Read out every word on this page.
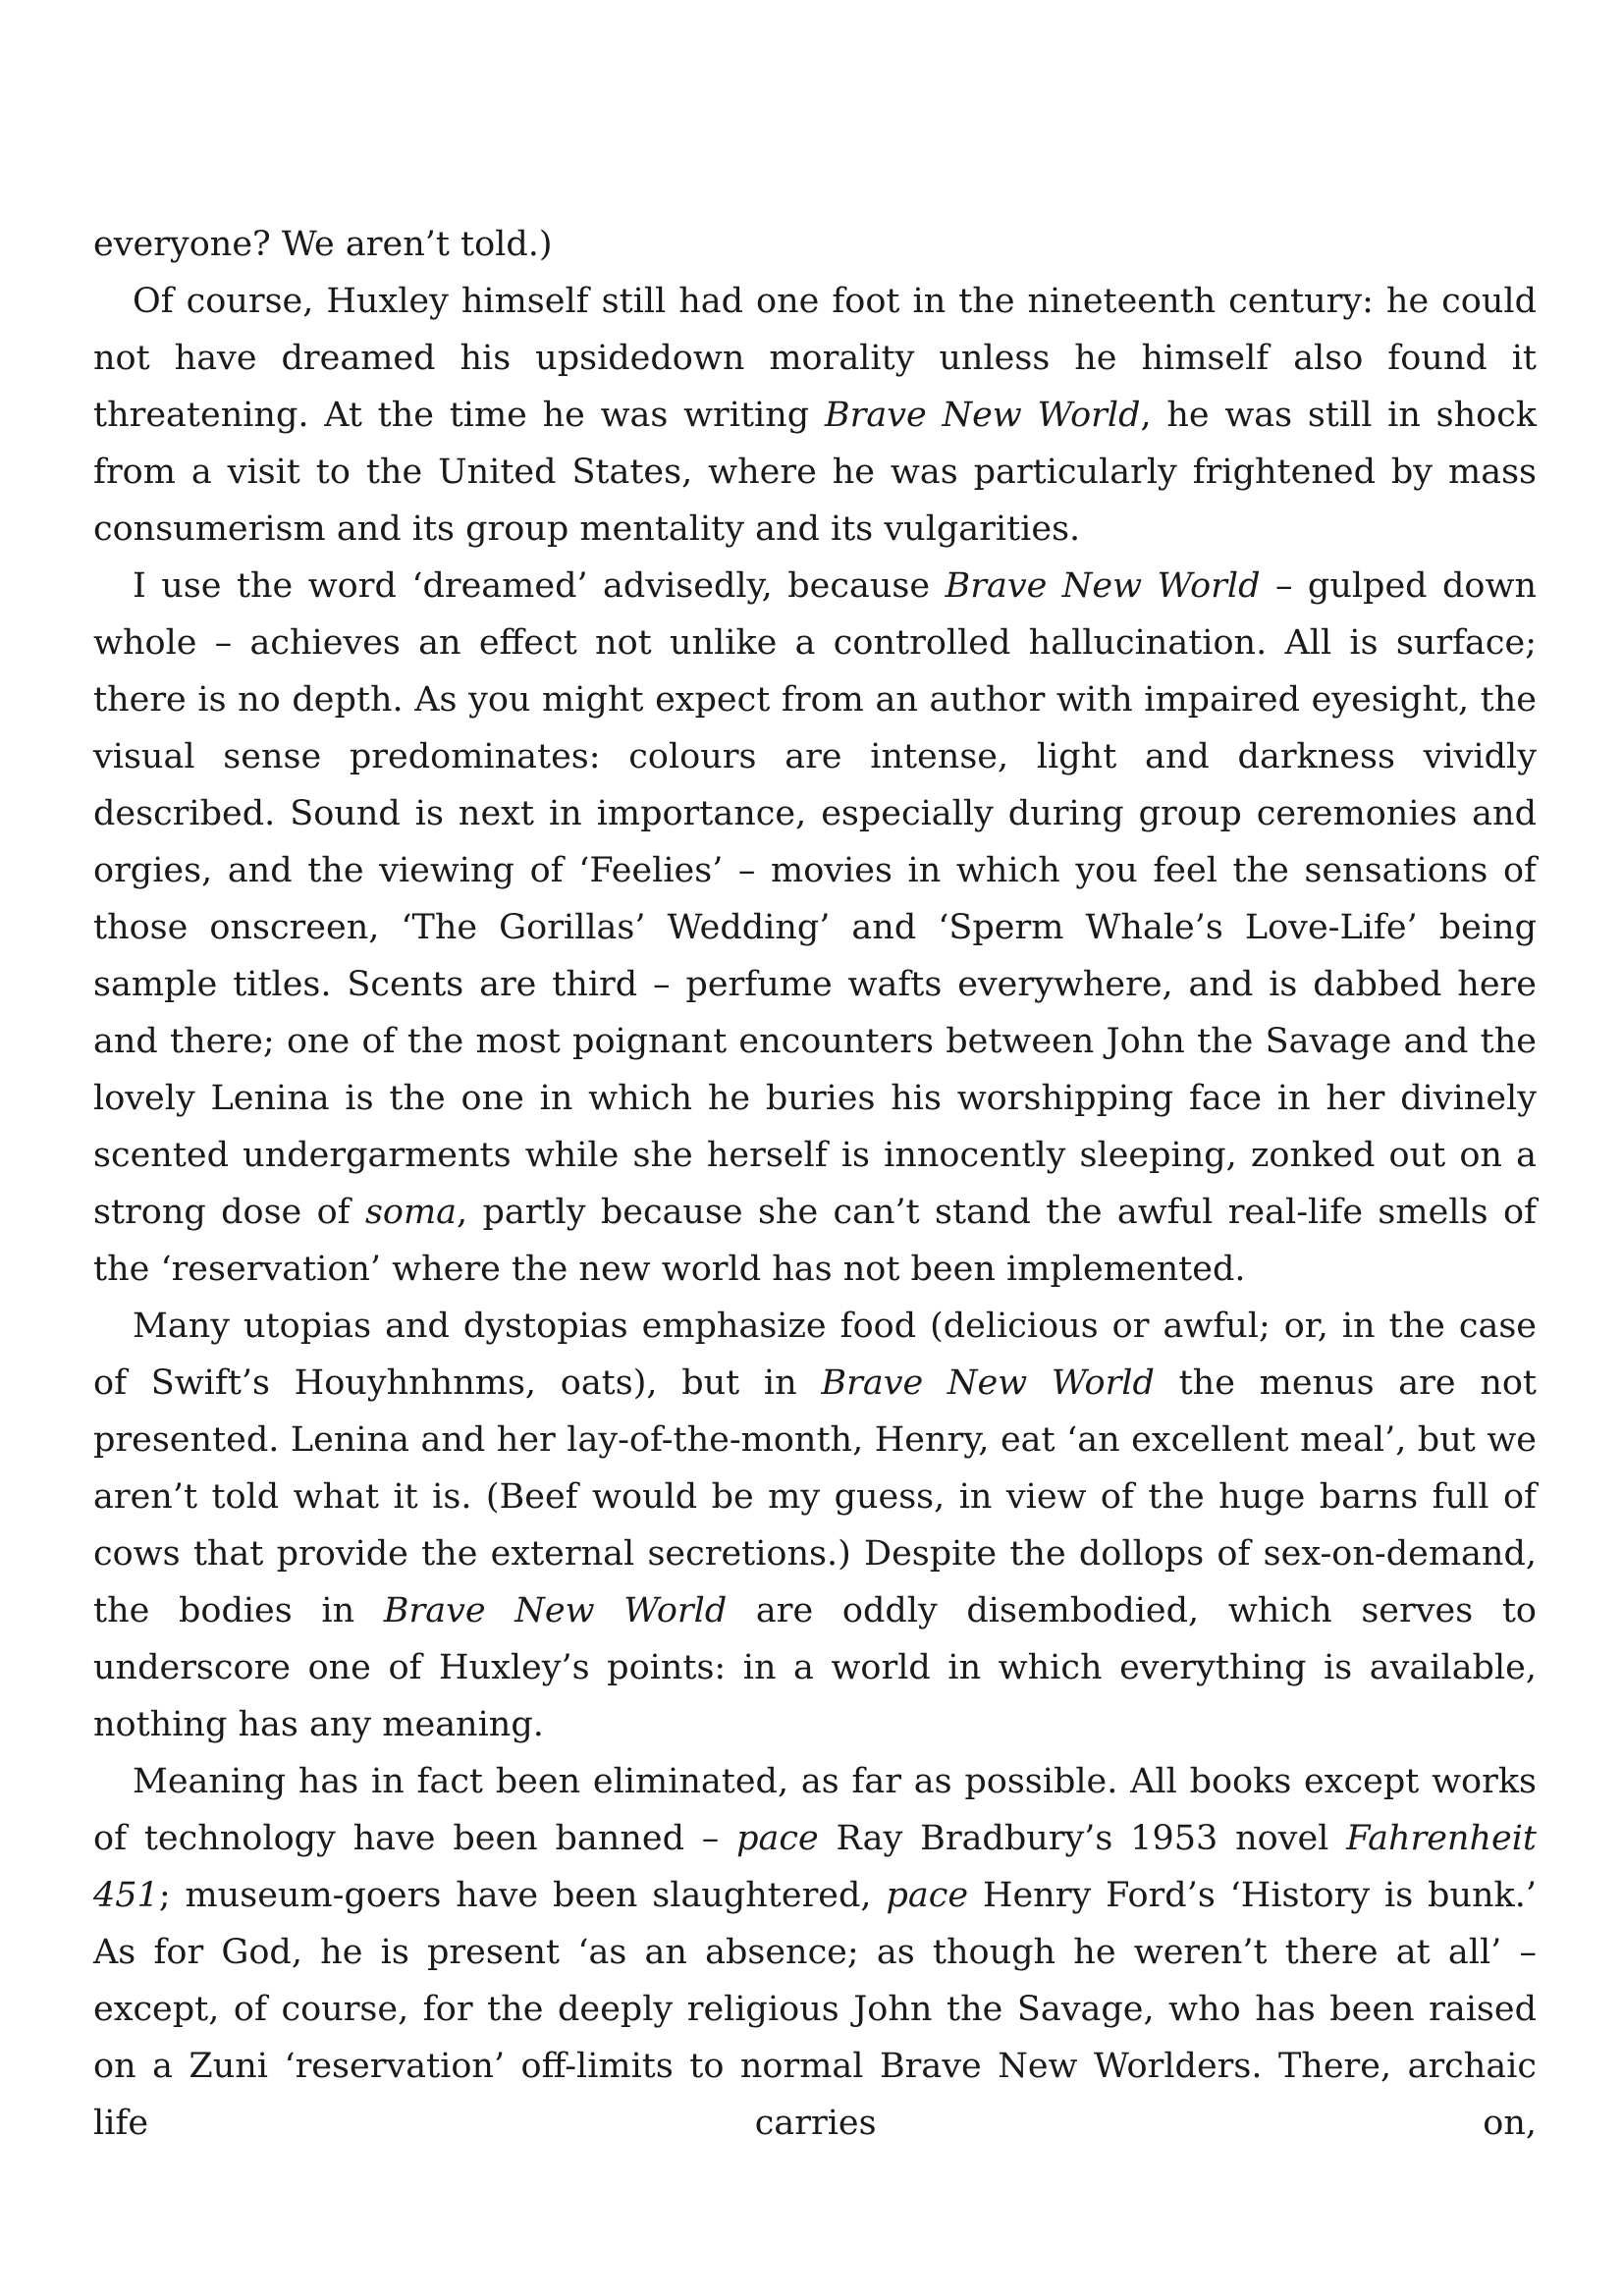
everyone? We aren’t told.)

Of course, Huxley himself still had one foot in the nineteenth century: he could not have dreamed his upsidedown morality unless he himself also found it threatening. At the time he was writing Brave New World, he was still in shock from a visit to the United States, where he was particularly frightened by mass consumerism and its group mentality and its vulgarities.

I use the word ‘dreamed’ advisedly, because Brave New World – gulped down whole – achieves an effect not unlike a controlled hallucination. All is surface; there is no depth. As you might expect from an author with impaired eyesight, the visual sense predominates: colours are intense, light and darkness vividly described. Sound is next in importance, especially during group ceremonies and orgies, and the viewing of ‘Feelies’ – movies in which you feel the sensations of those onscreen, ‘The Gorillas’ Wedding’ and ‘Sperm Whale’s Love-Life’ being sample titles. Scents are third – perfume wafts everywhere, and is dabbed here and there; one of the most poignant encounters between John the Savage and the lovely Lenina is the one in which he buries his worshipping face in her divinely scented undergarments while she herself is innocently sleeping, zonked out on a strong dose of soma, partly because she can’t stand the awful real-life smells of the ‘reservation’ where the new world has not been implemented.

Many utopias and dystopias emphasize food (delicious or awful; or, in the case of Swift’s Houyhnhnms, oats), but in Brave New World the menus are not presented. Lenina and her lay-of-the-month, Henry, eat ‘an excellent meal’, but we aren’t told what it is. (Beef would be my guess, in view of the huge barns full of cows that provide the external secretions.) Despite the dollops of sex-on-demand, the bodies in Brave New World are oddly disembodied, which serves to underscore one of Huxley’s points: in a world in which everything is available, nothing has any meaning.

Meaning has in fact been eliminated, as far as possible. All books except works of technology have been banned – pace Ray Bradbury’s 1953 novel Fahrenheit 451; museum-goers have been slaughtered, pace Henry Ford’s ‘History is bunk.’ As for God, he is present ‘as an absence; as though he weren’t there at all’ – except, of course, for the deeply religious John the Savage, who has been raised on a Zuni ‘reservation’ off-limits to normal Brave New Worlders. There, archaic life carries on,
